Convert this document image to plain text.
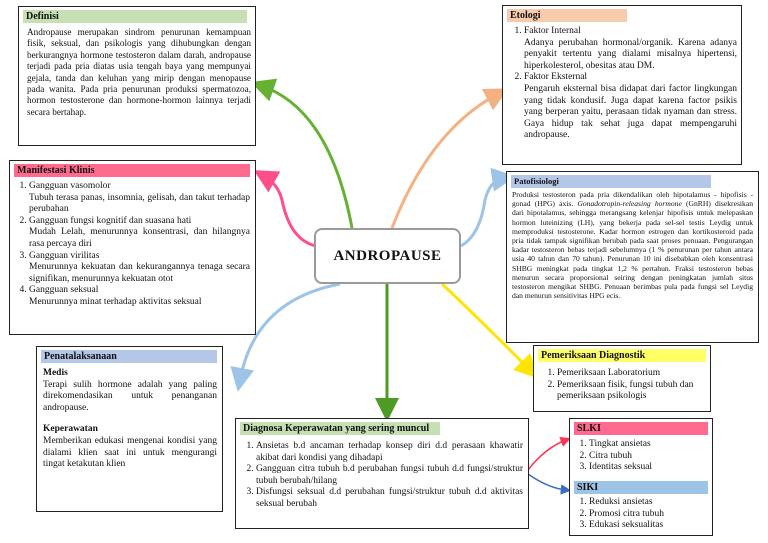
ANDROPAUSE
Definisi
Andropause merupakan sindrom penurunan kemampuan fisik, seksual, dan psikologis yang dihubungkan dengan berkurangnya hormone testosteron dalam darah, andropause terjadi pada pria diatas usia tengah baya yang mempunyai gejala, tanda dan keluhan yang mirip dengan menopause pada wanita. Pada pria penurunan produksi spermatozoa, hormon testosterone dan hormone-hormon lainnya terjadi secara bertahap.
Etologi
1. Faktor Internal
Adanya perubahan hormonal/organik. Karena adanya penyakit tertentu yang dialami misalnya hipertensi, hiperkolesterol, obesitas atau DM.
2. Faktor Eksternal
Pengaruh eksternal bisa didapat dari factor lingkungan yang tidak kondusif. Juga dapat karena factor psikis yang berperan yaitu, perasaan tidak nyaman dan stress. Gaya hidup tak sehat juga dapat mempengaruhi andropause.
Manifestasi Klinis
1. Gangguan vasomolor
Tubuh terasa panas, insomnia, gelisah, dan takut terhadap perubahan
2. Gangguan fungsi kognitif dan suasana hati
Mudah Lelah, menurunnya konsentrasi, dan hilangnya rasa percaya diri
3. Gangguan virilitas
Menurunnya kekuatan dan kekurangannya tenaga secara signifikan, menurunnya kekuatan otot
4. Gangguan seksual
Menurunnya minat terhadap aktivitas seksual
Patofisiologi
Produksi testosteron pada pria dikendalikan oleh hipotalamus - hipofisis - gonad (HPG) axis. Gonadotropin-releasing hormone (GnRH) disekresikan dari hipotalamus, sehingga merangsang kelenjar hipofisis untuk melepaskan hormon luteinizing (LH), yang bekerja pada sel-sel testis Leydig untuk memproduksi testosterone. Kadar hormon estrogen dan kortikosteroid pada pria tidak tampak signifikan berubah pada saat proses penuaan. Pengurangan kadar testosteron bebas terjadi sebelumnya (1 % penurunan per tahun antara usia 40 tahun dan 70 tahun). Penurunan 10 ini disebabkan oleh konsentrasi SHBG meningkat pada tingkat 1,2 % pertahun. Fraksi testosteron bebas menurun secara proporsional seiring dengan peningkatan jumlah situs testosteron mengikat SHBG. Penuaan berimbas pula pada fungsi sel Leydig dan menurun sensitivitas HPG ecis.
Penatalaksanaan
Medis
Terapi sulih hormone adalah yang paling direkomendasikan untuk penanganan andropause.
Keperawatan
Memberikan edukasi mengenai kondisi yang dialami klien saat ini untuk mengurangi tingat ketakutan klien
Pemeriksaan Diagnostik
1. Pemeriksaan Laboratorium
2. Pemeriksaan fisik, fungsi tubuh dan pemeriksaan psikologis
Diagnosa Keperawatan yang sering muncul
1. Ansietas b.d ancaman terhadap konsep diri d.d perasaan khawatir akibat dari kondisi yang dihadapi
2. Gangguan citra tubuh b.d perubahan fungsi tubuh d.d fungsi/struktur tubuh berubah/hilang
3. Disfungsi seksual d.d perubahan fungsi/struktur tubuh d.d aktivitas seksual berubah
SLKI
1. Tingkat ansietas
2. Citra tubuh
3. Identitas seksual
SIKI
1. Reduksi ansietas
2. Promosi citra tubuh
3. Edukasi seksualitas
